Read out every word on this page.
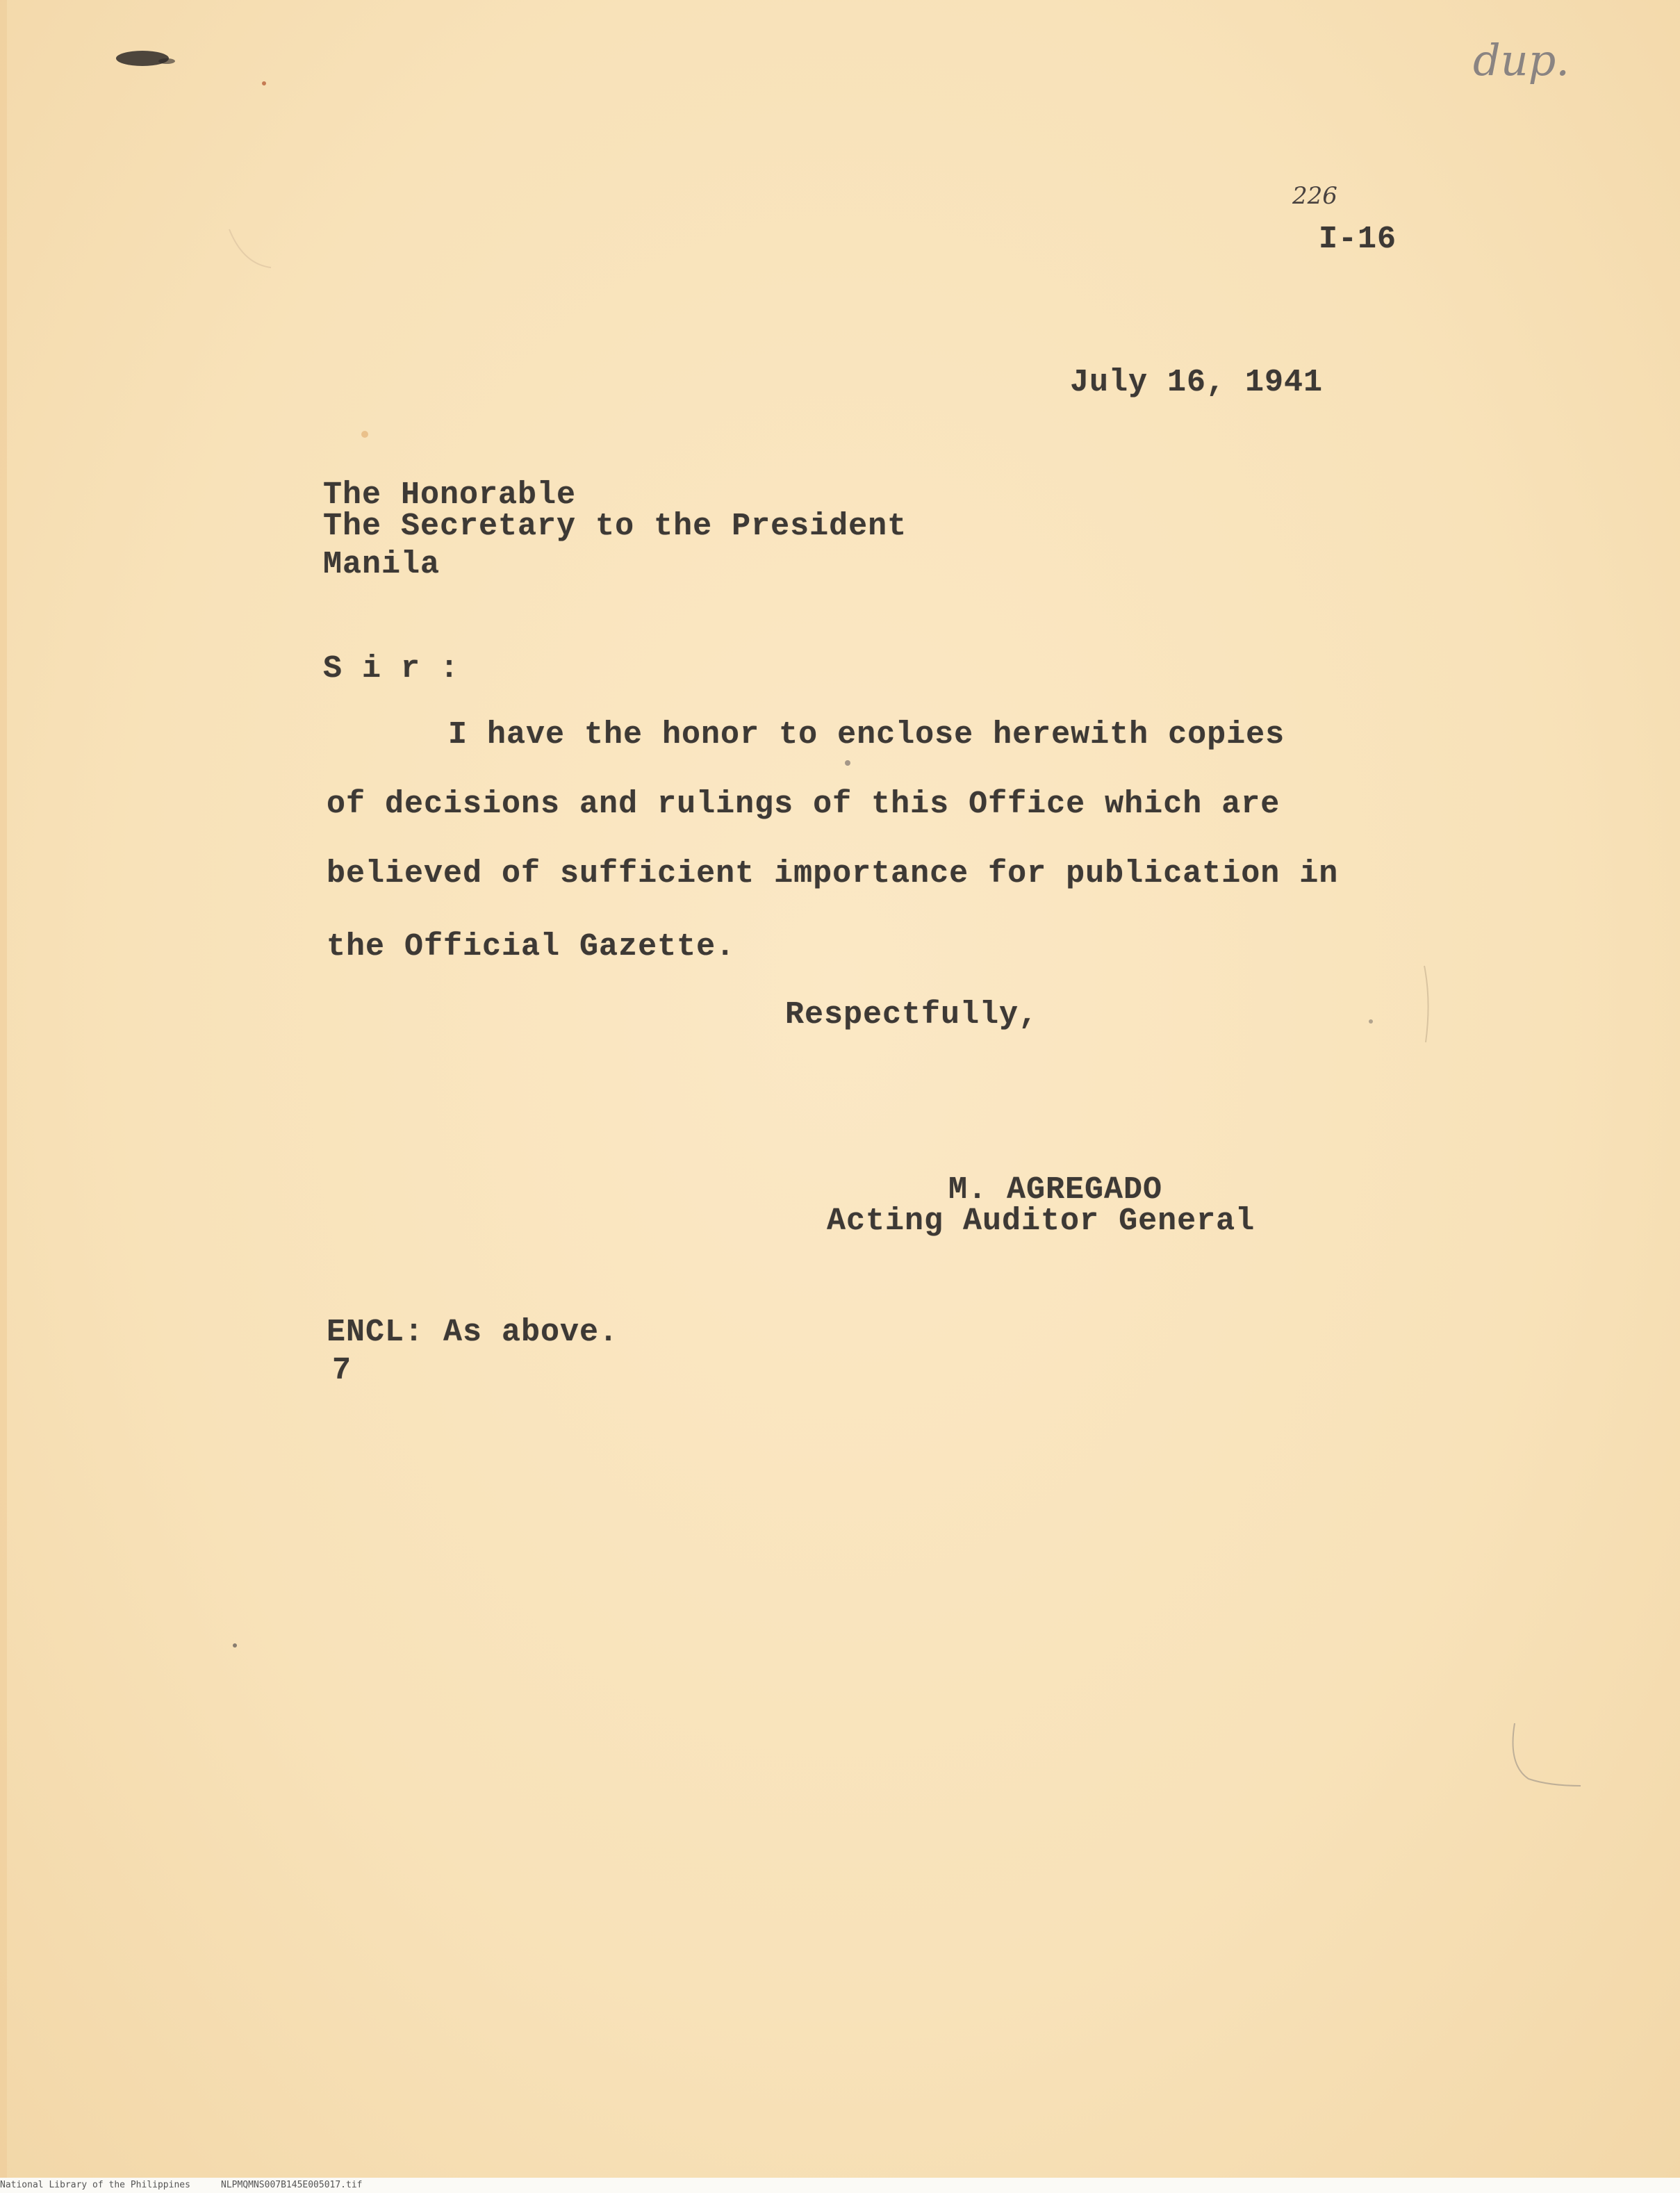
dup.
226
I-16
July 16, 1941
The Honorable
The Secretary to the President
Manila
S i r :
I have the honor to enclose herewith copies
of decisions and rulings of this Office which are
believed of sufficient importance for publication in
the Official Gazette.
Respectfully,
M. AGREGADO
Acting Auditor General
ENCL: As above.
7

National Library of the Philippines

	NLPMQMNS007B145E005017.tif
